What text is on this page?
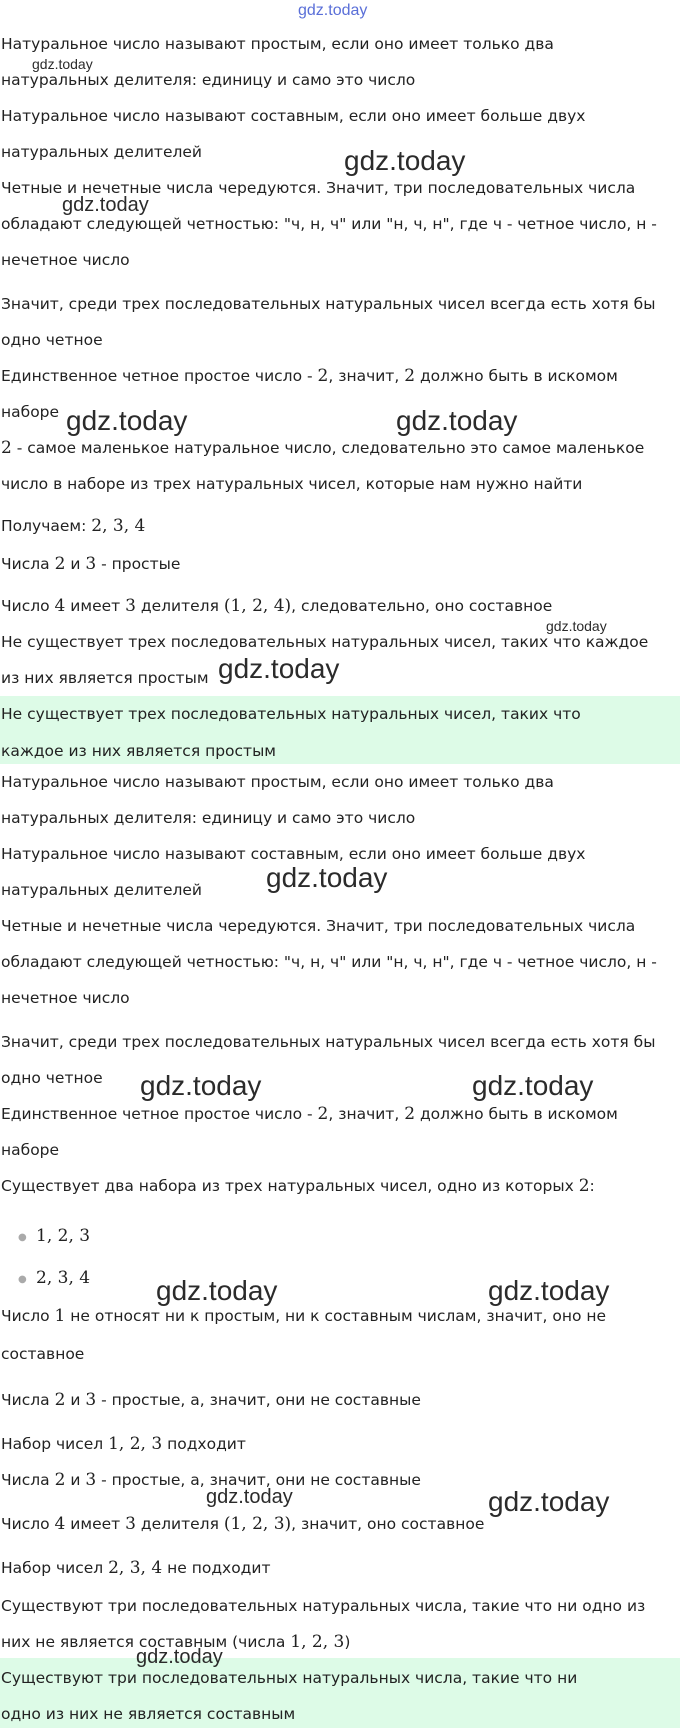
gdz.today
Натуральное число называют простым, если оно имеет только два
натуральных делителя: единицу и само это число
Натуральное число называют составным, если оно имеет больше двух
натуральных делителей
Четные и нечетные числа чередуются. Значит, три последовательных числа
обладают следующей четностью: "ч, н, ч" или "н, ч, н", где ч - четное число, н -
нечетное число
Значит, среди трех последовательных натуральных чисел всегда есть хотя бы
одно четное
Единственное четное простое число - 2, значит, 2 должно быть в искомом
наборе
2 - самое маленькое натуральное число, следовательно это самое маленькое
число в наборе из трех натуральных чисел, которые нам нужно найти
Получаем: 2, 3, 4
Числа 2 и 3 - простые
Число 4 имеет 3 делителя (1, 2, 4), следовательно, оно составное
Не существует трех последовательных натуральных чисел, таких что каждое
из них является простым
Не существует трех последовательных натуральных чисел, таких что
каждое из них является простым
Натуральное число называют простым, если оно имеет только два
натуральных делителя: единицу и само это число
Натуральное число называют составным, если оно имеет больше двух
натуральных делителей
Четные и нечетные числа чередуются. Значит, три последовательных числа
обладают следующей четностью: "ч, н, ч" или "н, ч, н", где ч - четное число, н -
нечетное число
Значит, среди трех последовательных натуральных чисел всегда есть хотя бы
одно четное
Единственное четное простое число - 2, значит, 2 должно быть в искомом
наборе
Существует два набора из трех натуральных чисел, одно из которых 2:
● 1, 2, 3
● 2, 3, 4
Число 1 не относят ни к простым, ни к составным числам, значит, оно не
составное
Числа 2 и 3 - простые, а, значит, они не составные
Набор чисел 1, 2, 3 подходит
Числа 2 и 3 - простые, а, значит, они не составные
Число 4 имеет 3 делителя (1, 2, 3), значит, оно составное
Набор чисел 2, 3, 4 не подходит
Существуют три последовательных натуральных числа, такие что ни одно из
них не является составным (числа 1, 2, 3)
Существуют три последовательных натуральных числа, такие что ни
одно из них не является составным
gdz.today
gdz.today
gdz.today
gdz.today	gdz.today
gdz.today
gdz.today
gdz.today
gdz.today	gdz.today
gdz.today	gdz.today
gdz.today	gdz.today
gdz.today
